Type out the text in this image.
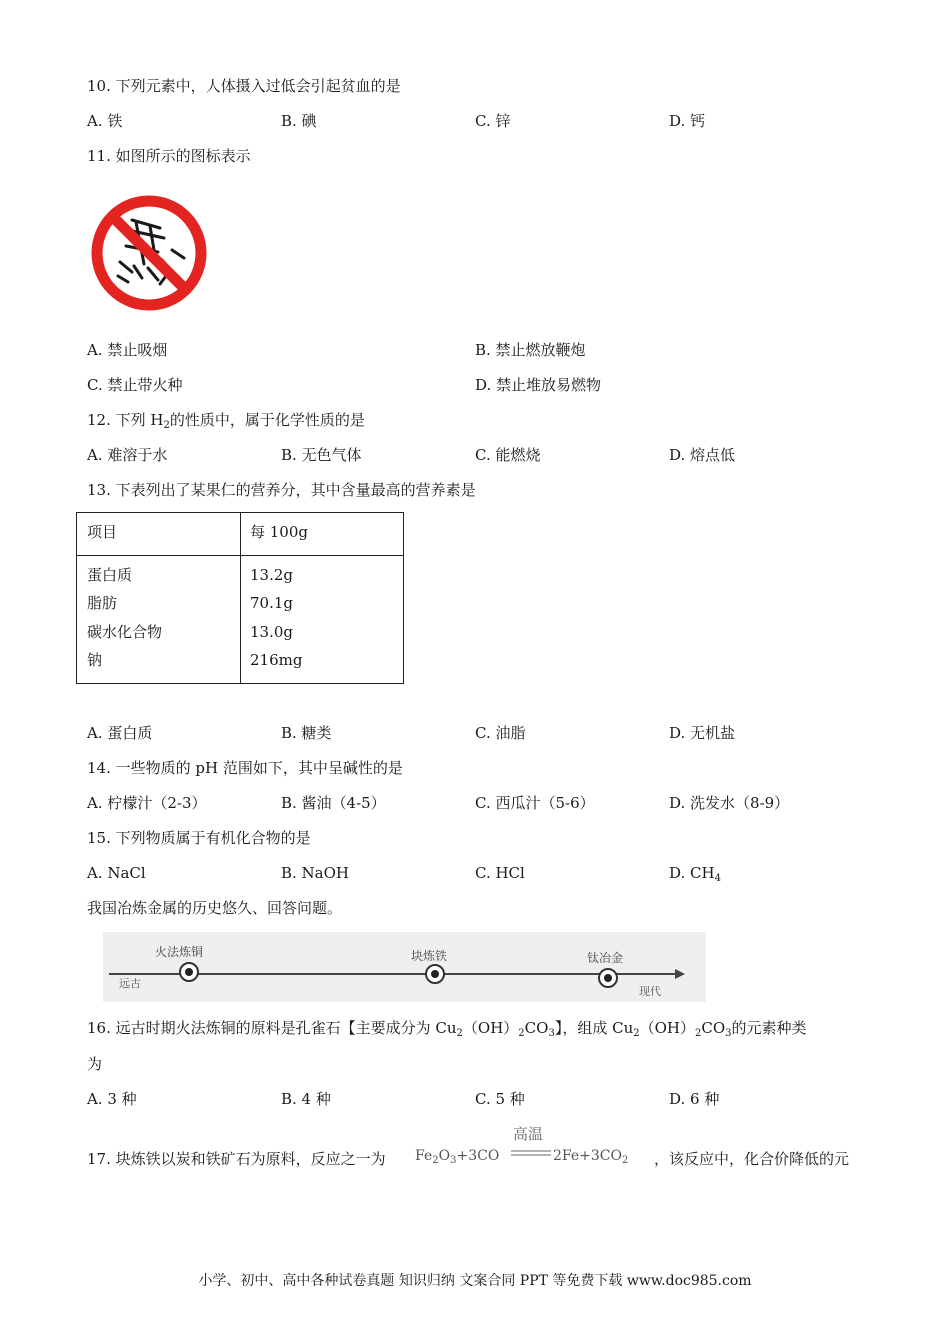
10. 下列元素中，人体摄入过低会引起贫血的是
A. 铁	B. 碘	C. 锌	D. 钙
11. 如图所示的图标表示
A. 禁止吸烟	B. 禁止燃放鞭炮
C. 禁止带火种	D. 禁止堆放易燃物
12. 下列 $H_2$的性质中，属于化学性质的是
A. 难溶于水	B. 无色气体	C. 能燃烧	D. 熔点低
13. 下表列出了某果仁的营养分，其中含量最高的营养素是
项目	每 100g
蛋白质	13.2g
脂肪	70.1g
碳水化合物	13.0g
钠	216mg
A. 蛋白质	B. 糖类	C. 油脂	D. 无机盐
14. 一些物质的 pH 范围如下，其中呈碱性的是
A. 柠檬汁（2-3）	B. 酱油（4-5）	C. 西瓜汁（5-6）	D. 洗发水（8-9）
15. 下列物质属于有机化合物的是
A. NaCl	B. NaOH	C. HCl	D. $CH_4$
我国冶炼金属的历史悠久、回答问题。
远古
现代
火法炼铜	块炼铁	钛冶金
16. 远古时期火法炼铜的原料是孔雀石【主要成分为 $Cu_2(OH)_2CO_3$】，组成 $Cu_2(OH)_2CO_3$的元素种类
为
A. 3 种	B. 4 种	C. 5 种	D. 6 种
17. 块炼铁以炭和铁矿石为原料，反应之一为 $Fe_2O_3+3CO$
高温
$2Fe+3CO_2$ ，该反应中，化合价降低的元
小学、初中、高中各种试卷真题 知识归纳 文案合同 PPT 等免费下载 www.doc985.com
